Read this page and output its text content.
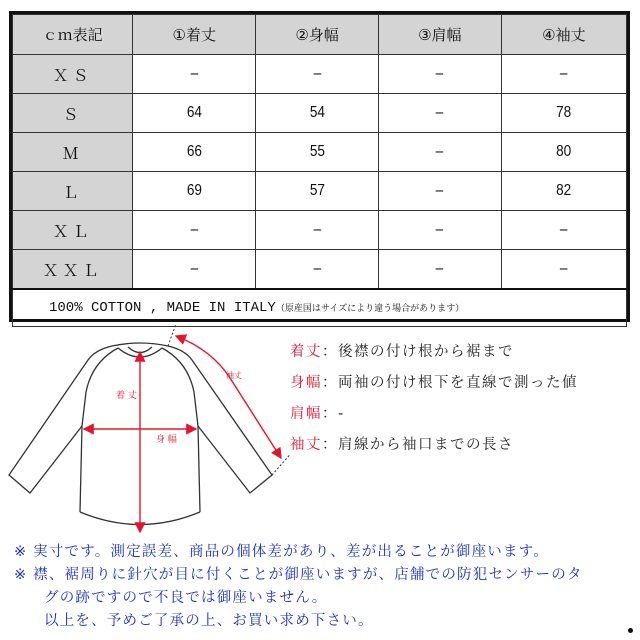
ｃｍ表記	①着丈	②身幅	③肩幅	④袖丈
ＸＳ	–	–	–	–
Ｓ	64	54	–	78
Ｍ	66	55	–	80
Ｌ	69	57	–	82
ＸＬ	–	–	–	–
ＸＸＬ	–	–	–	–
100% COTTON , MADE IN ITALY（原産国はサイズにより違う場合があります）				
着 丈
身 幅
袖丈
着丈：後襟の付け根から裾まで
身幅：両袖の付け根下を直線で測った値
肩幅：-
袖丈：肩線から袖口までの長さ
※ 実寸です。測定誤差、商品の個体差があり、差が出ることが御座います。
※ 襟、裾周りに針穴が目に付くことが御座いますが、店舗での防犯センサーのタ
グの跡ですので不良では御座いません。
以上を、予めご了承の上、お買い求め下さい。
